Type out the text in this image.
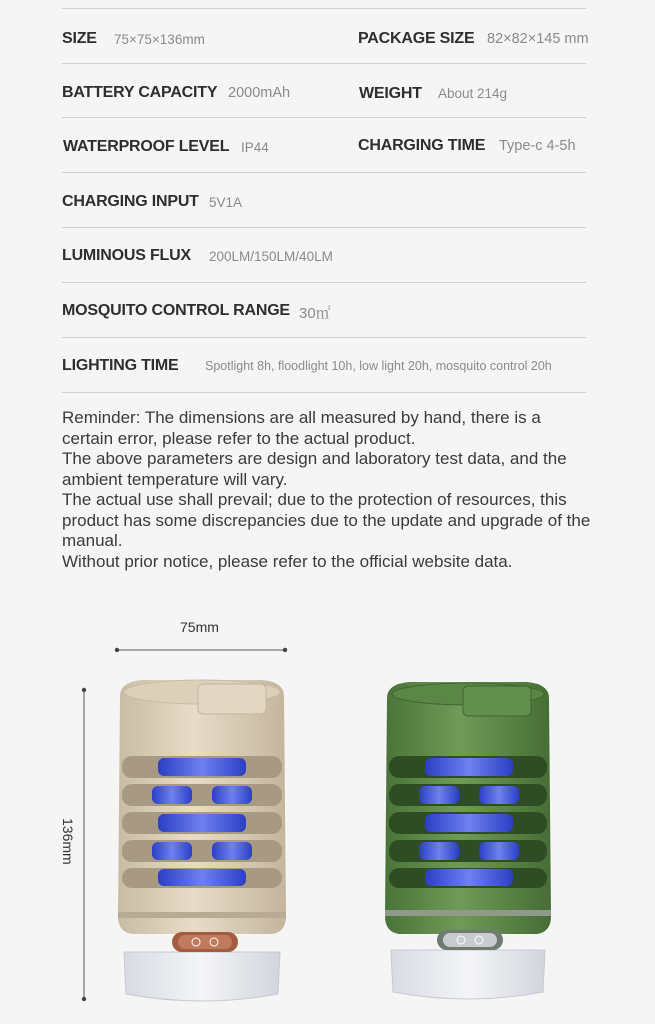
SIZE 75×75×136mm	PACKAGE SIZE 82×82×145 mm
BATTERY CAPACITY 2000mAh	WEIGHT About 214g
WATERPROOF LEVEL IP44	CHARGING TIME Type-c 4-5h
CHARGING INPUT 5V1A
LUMINOUS FLUX 200LM/150LM/40LM
MOSQUITO CONTROL RANGE 30㎡
LIGHTING TIME Spotlight 8h, floodlight 10h, low light 20h, mosquito control 20h

Reminder: The dimensions are all measured by hand, there is a certain error, please refer to the actual product.

The above parameters are design and laboratory test data, and the ambient temperature will vary.

The actual use shall prevail; due to the protection of resources, this product has some discrepancies due to the update and upgrade of the manual.

Without prior notice, please refer to the official website data.

75mm
136mm
